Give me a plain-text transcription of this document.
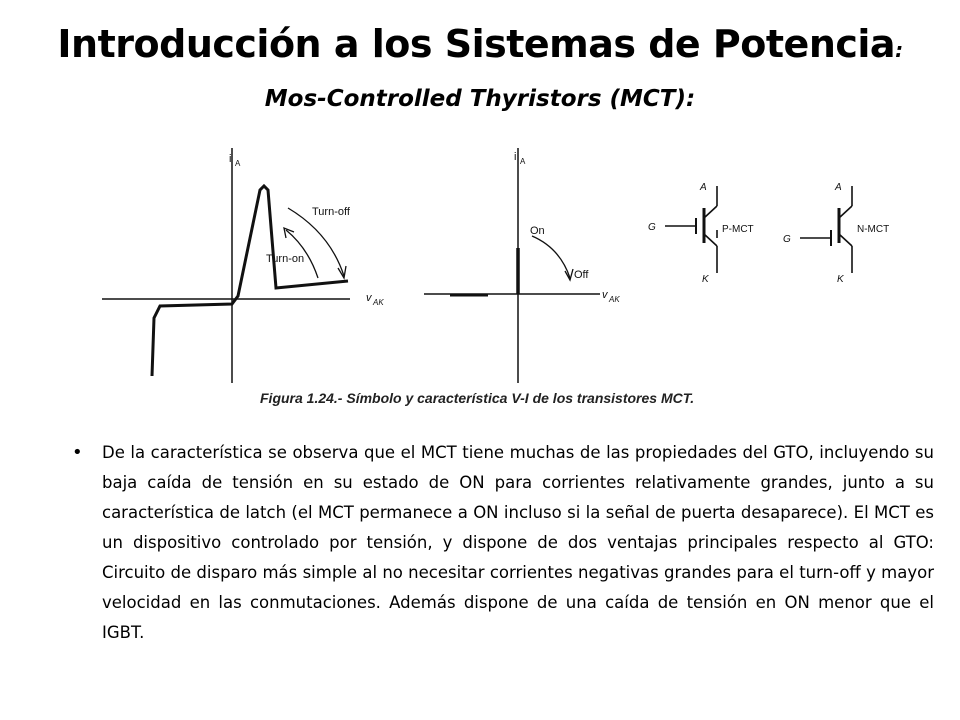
Introducción a los Sistemas de Potencia:
Mos-Controlled Thyristors (MCT):
i A
Turn-off
Turn-on
v AK
i A
On
Off
v AK
A
G	P-MCT
K
A
G
N-MCT
K
Figura 1.24.- Símbolo y característica V-I de los transistores MCT.
•	De la característica se observa que el MCT tiene muchas de las propiedades del GTO, incluyendo su baja caída de tensión en su estado de ON para corrientes relativamente grandes, junto a su característica de latch (el MCT permanece a ON incluso si la señal de puerta desaparece). El MCT es un dispositivo controlado por tensión, y dispone de dos ventajas principales respecto al GTO: Circuito de disparo más simple al no necesitar corrientes negativas grandes para el turn-off y mayor velocidad en las conmutaciones. Además dispone de una caída de tensión en ON menor que el IGBT.
